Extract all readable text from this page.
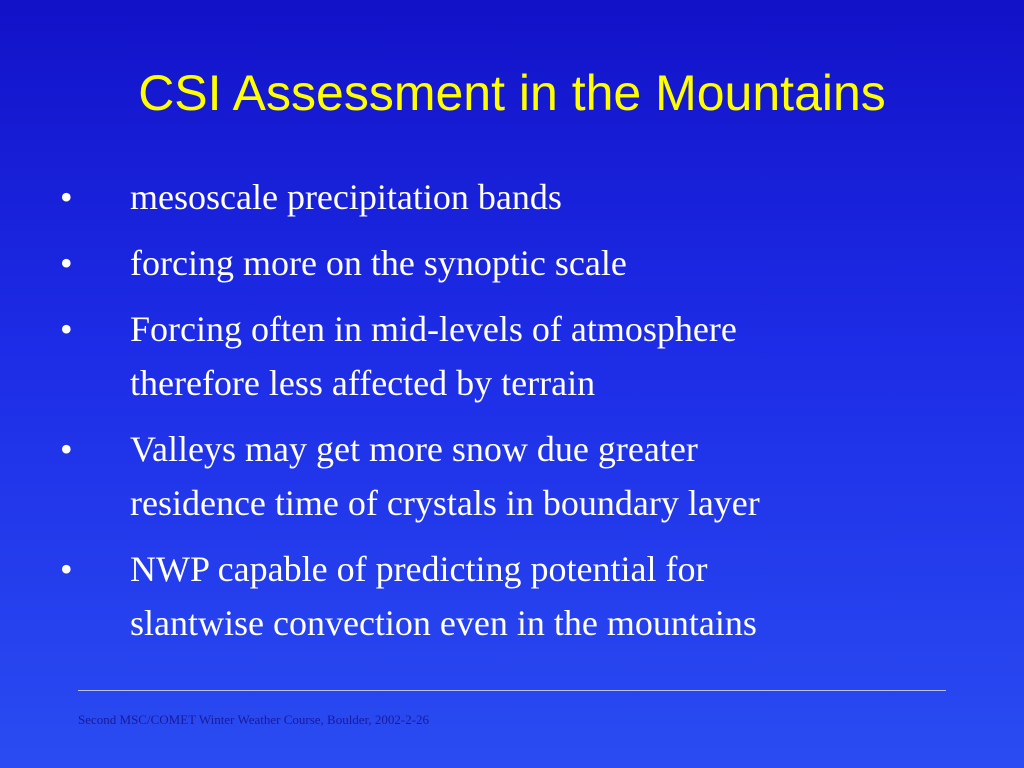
CSI Assessment in the Mountains
•	mesoscale precipitation bands
•	forcing more on the synoptic scale
•	Forcing often in mid-levels of atmosphere
therefore less affected by terrain
•	Valleys may get more snow due greater
residence time of crystals in boundary layer
•	NWP capable of predicting potential for
slantwise convection even in the mountains
Second MSC/COMET Winter Weather Course, Boulder, 2002-2-26
